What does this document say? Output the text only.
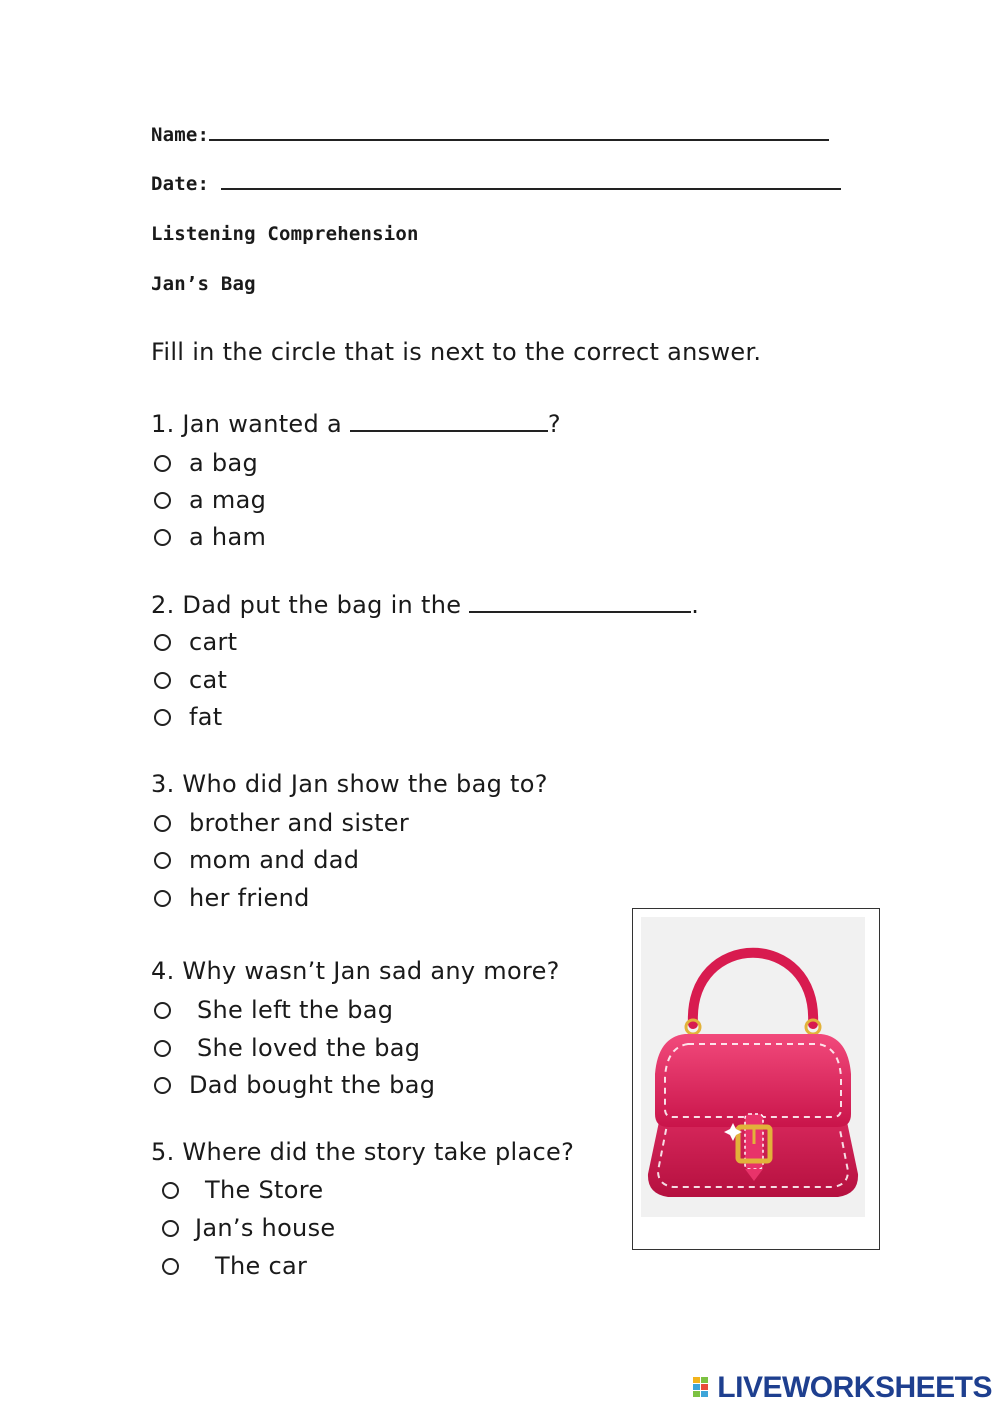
Name:
Date:
Listening Comprehension
Jan’s Bag
Fill in the circle that is next to the correct answer.
1. Jan wanted a	?
a bag
a mag
a ham
2. Dad put the bag in the	.
cart
cat
fat
3. Who did Jan show the bag to?
brother and sister
mom and dad
her friend
4. Why wasn’t Jan sad any more?
She left the bag
She loved the bag
Dad bought the bag
5. Where did the story take place?
The Store
Jan’s house
The car
LIVEWORKSHEETS
